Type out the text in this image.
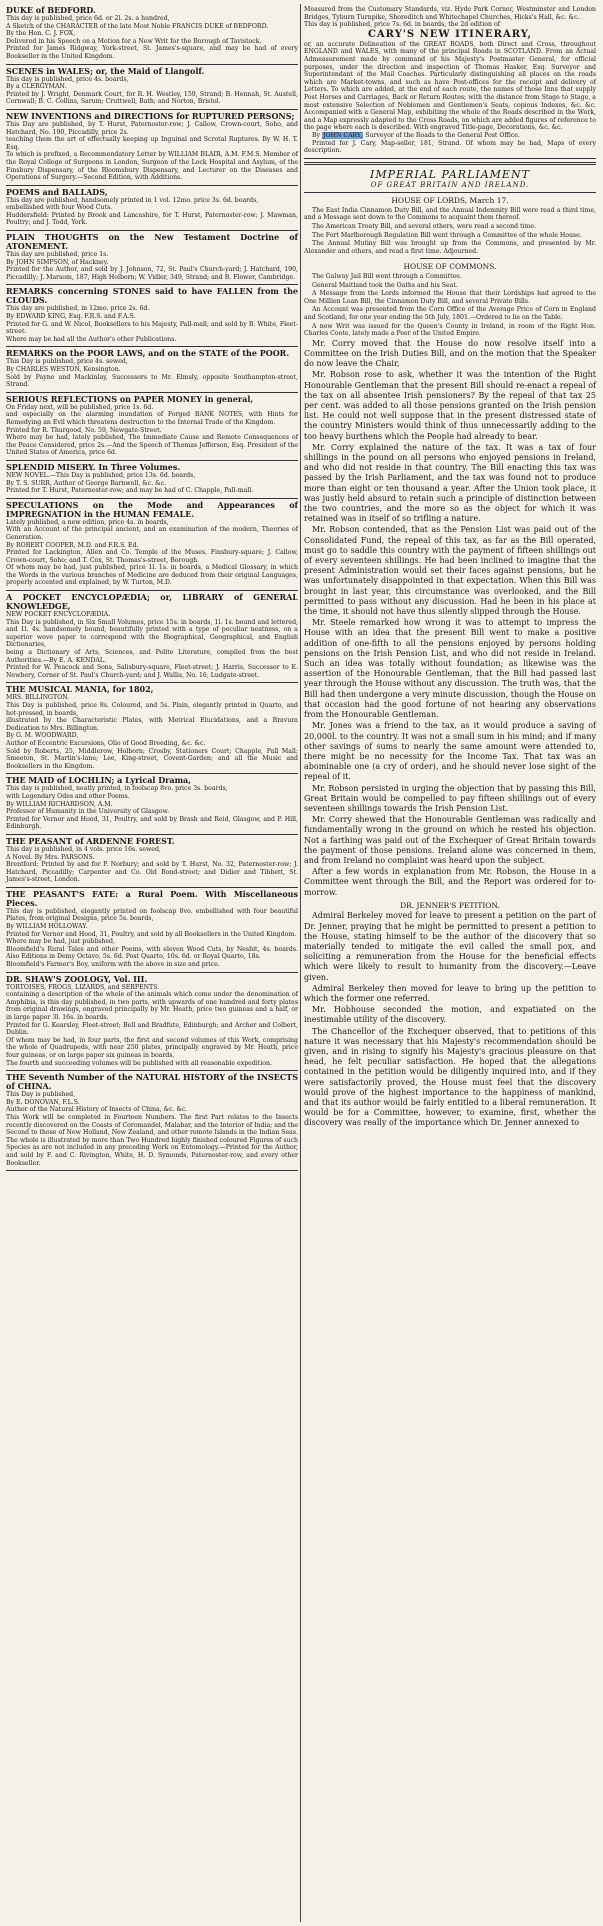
DUKE of BEDFORD.

This day is published, price 6d. or 2l. 2s. a hundred,

A Sketch of the CHARACTER of the late Most Noble FRANCIS DUKE of BEDFORD.

By the Hon. C. J. FOX,

Delivered in his Speech on a Motion for a New Writ for the Borough of Tavistock.

Printed for James Ridgway, York-street, St. James's-square, and may be had of every Bookseller in the United Kingdom.

SCENES in WALES; or, the Maid of Llangolf.

This day is published, price 4s. boards,

By a CLERGYMAN.

Printed by J. Wright, Denmark Court, for R. H. Westley, 159, Strand; B. Hennah, St. Austell, Cornwall; B. C. Collins, Sarum; Cruttwell, Bath; and Norton, Bristol.

NEW INVENTIONS and DIRECTIONS for RUPTURED PERSONS;

This Day are published, by T. Hurst, Paternoster-row; J. Callow, Crown-court, Soho, and Hatchard, No. 190, Piccadilly, price 2s.

teaching them the art of effectually keeping up Inguinal and Scrotal Ruptures. By W. H. T. Esq.

To which is prefixed, a Recommendatory Letter by WILLIAM BLAIR, A.M. F.M.S. Member of the Royal College of Surgeons in London, Surgeon of the Lock Hospital and Asylum, of the Finsbury Dispensary, of the Bloomsbury Dispensary, and Lecturer on the Diseases and Operations of Surgery.—Second Edition, with Additions.

POEMS and BALLADS,

This day are published, handsomely printed in 1 vol. 12mo. price 3s. 6d. boards,

embellished with four Wood Cuts.

Huddersfield: Printed by Brook and Lancashire, for T. Hurst, Paternoster-row; J. Mawman, Poultry; and J. Todd, York.

PLAIN THOUGHTS on the New Testament Doctrine of ATONEMENT.

This day are published, price 1s.

By JOHN SIMPSON, of Hackney.

Printed for the Author, and sold by J. Johnson, 72, St. Paul's Church-yard; J. Hatchard, 190, Piccadilly; J. Marsom, 187, High Holborn; W. Vidler, 349, Strand; and B. Flower, Cambridge.

REMARKS concerning STONES said to have FALLEN from the CLOUDS.

This day are published, in 12mo. price 2s. 6d.

By EDWARD KING, Esq. F.R.S. and F.A.S.

Printed for G. and W. Nicol, Booksellers to his Majesty, Pall-mall; and sold by B. White, Fleet-street.

Where may be had all the Author's other Publications.

REMARKS on the POOR LAWS, and on the STATE of the POOR.

This Day is published, price 4s. sewed,

By CHARLES WESTON, Kensington.

Sold by Payne and Mackinlay, Successors to Mr. Elmsly, opposite Southampton-street, Strand.

SERIOUS REFLECTIONS on PAPER MONEY in general,

On Friday next, will be published, price 1s. 6d.

and especially on the alarming inundation of Forged BANK NOTES, with Hints for Remedying an Evil which threatens destruction to the Internal Trade of the Kingdom.

Printed for R. Thurgood, No. 59, Newgate-Street.

Where may be had, lately published, The Immediate Cause and Remote Consequences of the Peace Considered, price 2s.—And the Speech of Thomas Jefferson, Esq. President of the United States of America, price 6d.

SPLENDID MISERY. In Three Volumes.

NEW NOVEL.—This Day is published, price 13s. 6d. boards,

By T. S. SURR, Author of George Barnwell, &c. &c.

Printed for T. Hurst, Paternoster-row; and may be had of C. Chapple, Pall-mall.

SPECULATIONS on the Mode and Appearances of IMPREGNATION in the HUMAN FEMALE.

Lately published, a new edition, price 4s. in boards,

With an Account of the principal ancient, and an examination of the modern, Theories of Generation.

By ROBERT COOPER, M.D. and F.R.S. Ed.

Printed for Lackington, Allen and Co. Temple of the Muses, Finsbury-square; J. Callow, Crown-court, Soho; and T. Cox, St. Thomas's-street, Borough.

Of whom may be had, just published, price 1l. 1s. in boards, a Medical Glossary, in which the Words in the various branches of Medicine are deduced from their original Languages, properly accented and explained, by W. Turton, M.D.

A POCKET ENCYCLOPÆDIA; or, LIBRARY of GENERAL KNOWLEDGE,

NEW POCKET ENCYCLOPÆDIA.

This Day is published, in Six Small Volumes, price 15s. in boards, 1l. 1s. bound and lettered, and 1l. 4s. handsomely bound, beautifully printed with a type of peculiar neatness, on a superior wove paper to correspond with the Biographical, Geographical, and English Dictionaries,

being a Dictionary of Arts, Sciences, and Polite Literature, compiled from the best Authorities.—By E. A. KENDAL.

Printed for W. Peacock and Sons, Salisbury-square, Fleet-street; J. Harris, Successor to E. Newbery, Corner of St. Paul's Church-yard; and J. Wallis, No. 16, Ludgate-street.

THE MUSICAL MANIA, for 1802,

MRS. BILLINGTON.

This Day is published, price 8s. Coloured, and 5s. Plain, elegantly printed in Quarto, and hot-pressed, in boards,

illustrated by the Characteristic Plates, with Metrical Elucidations, and a Bravura Dedication to Mrs. Billington.

By G. M. WOODWARD,

Author of Eccentric Excursions, Olio of Good Breeding, &c. &c.

Sold by Roberts, 25, Middlerow, Holborn; Crosby, Stationers Court; Chapple, Pall Mall; Smeeton, St. Martin's-lane; Lee, King-street, Covent-Garden; and all the Music and Booksellers in the Kingdom.

THE MAID of LOCHLIN; a Lyrical Drama,

This day is published, neatly printed, in foolscap 8vo. price 3s. boards,

with Legendary Odes and other Poems.

By WILLIAM RICHARDSON, A.M.

Professor of Humanity in the University of Glasgow.

Printed for Vernor and Hood, 31, Poultry, and sold by Brash and Reid, Glasgow, and P. Hill, Edinburgh.

THE PEASANT of ARDENNE FOREST.

This day is published, in 4 vols. price 16s. sewed,

A Novel. By Mrs. PARSONS.

Brentford: Printed by and for P. Norbury; and sold by T. Hurst, No. 32, Paternoster-row; J. Hatchard, Piccadilly; Carpenter and Co. Old Bond-street; and Didier and Tibbett, St. James's-street, London.

THE PEASANT'S FATE: a Rural Poem. With Miscellaneous Pieces.

This day is published, elegantly printed on foolscap 8vo. embellished with four beautiful Plates, from original Designs, price 5s. boards,

By WILLIAM HOLLOWAY.

Printed for Vernor and Hood, 31, Poultry, and sold by all Booksellers in the United Kingdom.

Where may be had, just published,

Bloomfield's Rural Tales and other Poems, with eleven Wood Cuts, by Nesbit, 4s. boards. Also Editions in Demy Octavo, 5s. 6d. Post Quarto, 10s. 6d. or Royal Quarto, 18s.

Bloomfield's Farmer's Boy, uniform with the above in size and price.

DR. SHAW'S ZOOLOGY, Vol. III.

TORTOISES, FROGS, LIZARDS, and SERPENTS.

containing a description of the whole of the animals which come under the denomination of Amphibia, is this day published, in two parts, with upwards of one hundred and forty plates from original drawings, engraved principally by Mr. Heath, price two guineas and a half, or in large paper 3l. 16s. in boards.

Printed for G. Kearsley, Fleet-street; Bell and Bradfute, Edinburgh; and Archer and Colbert, Dublin.

Of whom may be had, in four parts, the first and second volumes of this Work, comprising the whole of Quadrupeds, with near 250 plates, principally engraved by Mr. Heath, price four guineas, or on large paper six guineas in boards.

The fourth and succeeding volumes will be published with all reasonable expedition.

THE Seventh Number of the NATURAL HISTORY of the INSECTS of CHINA.

This Day is published,

By E. DONOVAN, F.L.S.

Author of the Natural History of Insects of China, &c. &c.

This Work will be completed in Fourteen Numbers. The first Part relates to the Insects recently discovered on the Coasts of Coromandel, Malabar, and the Interior of India; and the Second to those of New Holland, New Zealand, and other remote Islands in the Indian Seas. The whole is illustrated by more than Two Hundred highly finished coloured Figures of such Species as are not included in any preceding Work on Entomology.—Printed for the Author, and sold by F. and C. Rivington, White, H. D. Symonds, Paternoster-row, and every other Bookseller.

Measured from the Customary Standards, viz. Hyde Park Corner, Westminster and London Bridges, Tyburn Turnpike, Shoreditch and Whitechapel Churches, Hicks's Hall, &c. &c.

This day is published, price 7s. 6d. in boards, the 2d edition of

CARY'S NEW ITINERARY,

or, an accurate Delineation of the GREAT ROADS, both Direct and Cross, throughout ENGLAND and WALES, with many of the principal Roads in SCOTLAND. From an Actual Admeasurement made by command of his Majesty's Postmaster General, for official purposes, under the direction and inspection of Thomas Hasker, Esq. Surveyor and Superintendant of the Mail Coaches. Particularly distinguishing all places on the roads which are Market-towns, and such as have Post-offices for the receipt and delivery of Letters. To which are added, at the end of each route, the names of those Inns that supply Post Horses and Carriages, Back or Return Routes; with the distance from Stage to Stage, a most extensive Selection of Noblemen and Gentlemen's Seats, copious Indexes, &c. &c. Accompanied with a General Map, exhibiting the whole of the Roads described in the Work, and a Map expressly adapted to the Cross Roads, on which are added figures of reference to the page where each is described. With engraved Title-page, Decorations, &c. &c.

By JOHN CARY, Surveyor of the Roads to the General Post Office.

Printed for J. Cary, Map-seller, 181, Strand. Of whom may be had, Maps of every description.

IMPERIAL PARLIAMENT
OF GREAT BRITAIN AND IRELAND.
HOUSE OF LORDS, March 17.

The East India Cinnamon Duty Bill, and the Annual Indemnity Bill were read a third time, and a Message sent down to the Commons to acquaint them thereof.

The American Treaty Bill, and several others, were read a second time.

The Fort Marlborough Regulation Bill went through a Committee of the whole House.

The Annual Mutiny Bill was brought up from the Commons, and presented by Mr. Alexander and others, and read a first time. Adjourned.

HOUSE OF COMMONS.

The Galway Jail Bill went through a Committee.

General Maitland took the Oaths and his Seat.

A Message from the Lords informed the House that their Lordships had agreed to the One Million Loan Bill, the Cinnamon Duty Bill, and several Private Bills.

An Account was presented from the Corn Office of the Average Price of Corn in England and Scotland, for one year ending the 5th July, 1801.—Ordered to lie on the Table.

A new Writ was issued for the Queen's County in Ireland, in room of the Right Hon. Charles Coote, lately made a Peer of the United Empire.

Mr. Corry moved that the House do now resolve itself into a Committee on the Irish Duties Bill, and on the motion that the Speaker do now leave the Chair,

Mr. Robson rose to ask, whether it was the intention of the Right Honourable Gentleman that the present Bill should re-enact a repeal of the tax on all absentee Irish pensioners? By the repeal of that tax 25 per cent. was added to all those pensions granted on the Irish pension list. He could not well suppose that in the present distressed state of the country Ministers would think of thus unnecessarily adding to the too heavy burthens which the People had already to bear.

Mr. Corry explained the nature of the tax. It was a tax of four shillings in the pound on all persons who enjoyed pensions in Ireland, and who did not reside in that country. The Bill enacting this tax was passed by the Irish Parliament, and the tax was found not to produce more than eight or ten thousand a year. After the Union took place, it was justly held absurd to retain such a principle of distinction between the two countries, and the more so as the object for which it was retained was in itself of so trifling a nature.

Mr. Robson contended, that as the Pension List was paid out of the Consolidated Fund, the repeal of this tax, as far as the Bill operated, must go to saddle this country with the payment of fifteen shillings out of every seventeen shillings. He had been inclined to imagine that the present Administration would set their faces against pensions, but he was unfortunately disappointed in that expectation. When this Bill was brought in last year, this circumstance was overlooked, and the Bill permitted to pass without any discussion. Had he been in his place at the time, it should not have thus silently slipped through the House.

Mr. Steele remarked how wrong it was to attempt to impress the House with an idea that the present Bill went to make a positive addition of one-fifth to all the pensions enjoyed by persons holding pensions on the Irish Pension List, and who did not reside in Ireland. Such an idea was totally without foundation; as likewise was the assertion of the Honourable Gentleman, that the Bill had passed last year through the House without any discussion. The truth was, that the Bill had then undergone a very minute discussion, though the House on that occasion had the good fortune of not hearing any observations from the Honourable Gentleman.

Mr. Jones was a friend to the tax, as it would produce a saving of 20,000l. to the country. It was not a small sum in his mind; and if many other savings of sums to nearly the same amount were attended to, there might be no necessity for the Income Tax. That tax was an abominable one (a cry of order), and he should never lose sight of the repeal of it.

Mr. Robson persisted in urging the objection that by passing this Bill, Great Britain would be compelled to pay fifteen shillings out of every seventeen shillings towards the Irish Pension List.

Mr. Corry shewed that the Honourable Gentleman was radically and fundamentally wrong in the ground on which he rested his objection. Not a farthing was paid out of the Exchequer of Great Britain towards the payment of those pensions. Ireland alone was concerned in them, and from Ireland no complaint was heard upon the subject.

After a few words in explanation from Mr. Robson, the House in a Committee went through the Bill, and the Report was ordered for to-morrow.

DR. JENNER'S PETITION.

Admiral Berkeley moved for leave to present a petition on the part of Dr. Jenner, praying that he might be permitted to present a petition to the House, stating himself to be the author of the discovery that so materially tended to mitigate the evil called the small pox, and soliciting a remuneration from the House for the beneficial effects which were likely to result to humanity from the discovery.—Leave given.

Admiral Berkeley then moved for leave to bring up the petition to which the former one referred.

Mr. Hobhouse seconded the motion, and expatiated on the inestimable utility of the discovery.

The Chancellor of the Exchequer observed, that to petitions of this nature it was necessary that his Majesty's recommendation should be given, and in rising to signify his Majesty's gracious pleasure on that head, he felt peculiar satisfaction. He hoped that the allegations contained in the petition would be diligently inquired into, and if they were satisfactorily proved, the House must feel that the discovery would prove of the highest importance to the happiness of mankind, and that its author would be fairly entitled to a liberal remuneration. It would be for a Committee, however, to examine, first, whether the discovery was really of the importance which Dr. Jenner annexed to
